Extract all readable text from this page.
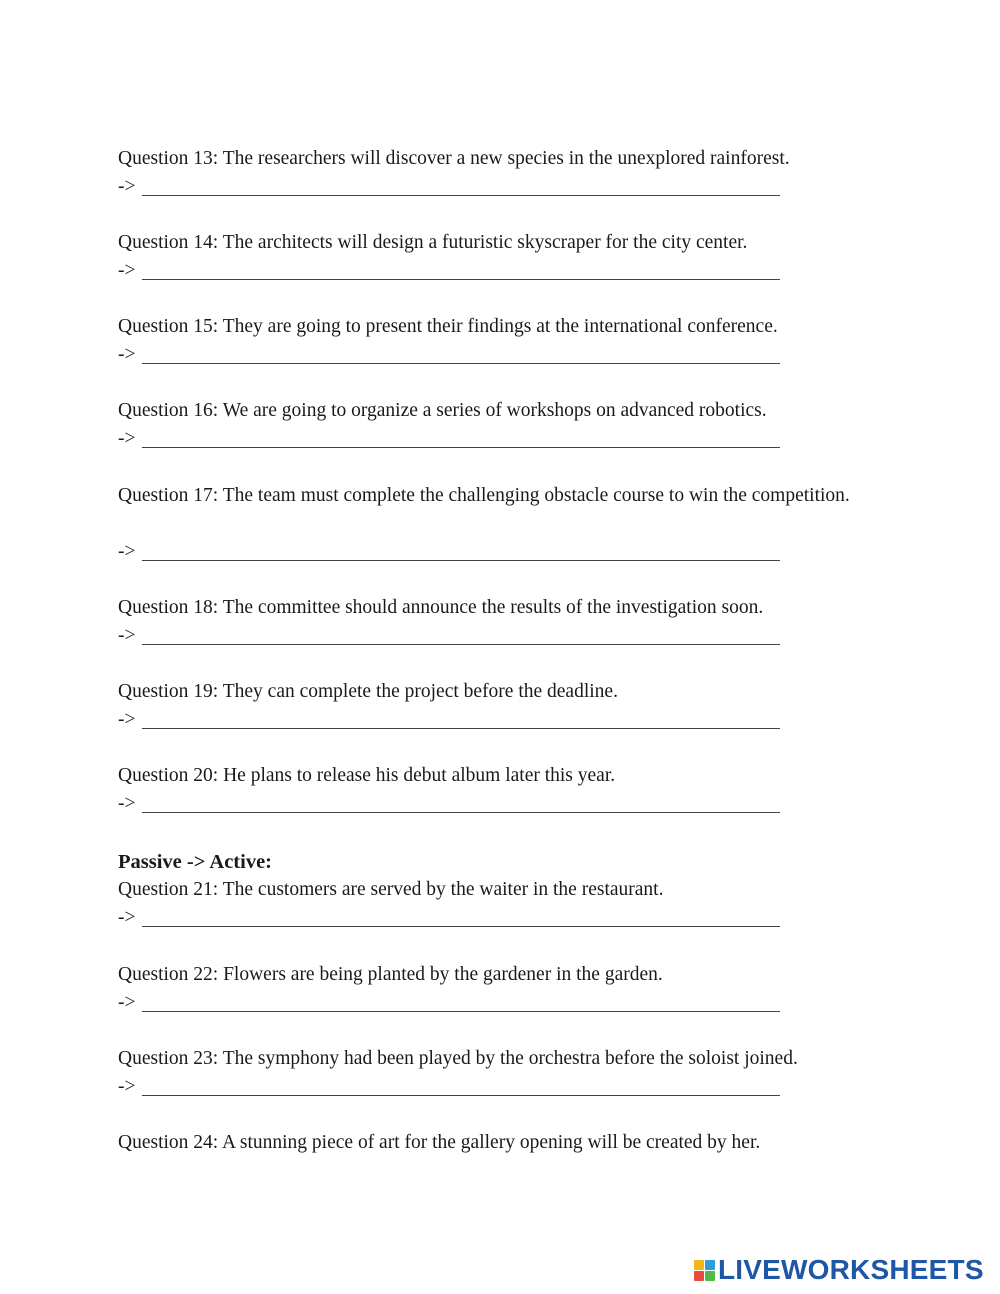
Question 13: The researchers will discover a new species in the unexplored rainforest.
->
Question 14: The architects will design a futuristic skyscraper for the city center.
->
Question 15: They are going to present their findings at the international conference.
->
Question 16: We are going to organize a series of workshops on advanced robotics.
->
Question 17: The team must complete the challenging obstacle course to win the competition.
->
Question 18: The committee should announce the results of the investigation soon.
->
Question 19: They can complete the project before the deadline.
->
Question 20: He plans to release his debut album later this year.
->
Passive -> Active:
Question 21: The customers are served by the waiter in the restaurant.
->
Question 22: Flowers are being planted by the gardener in the garden.
->
Question 23: The symphony had been played by the orchestra before the soloist joined.
->
Question 24: A stunning piece of art for the gallery opening will be created by her.
LIVEWORKSHEETS
